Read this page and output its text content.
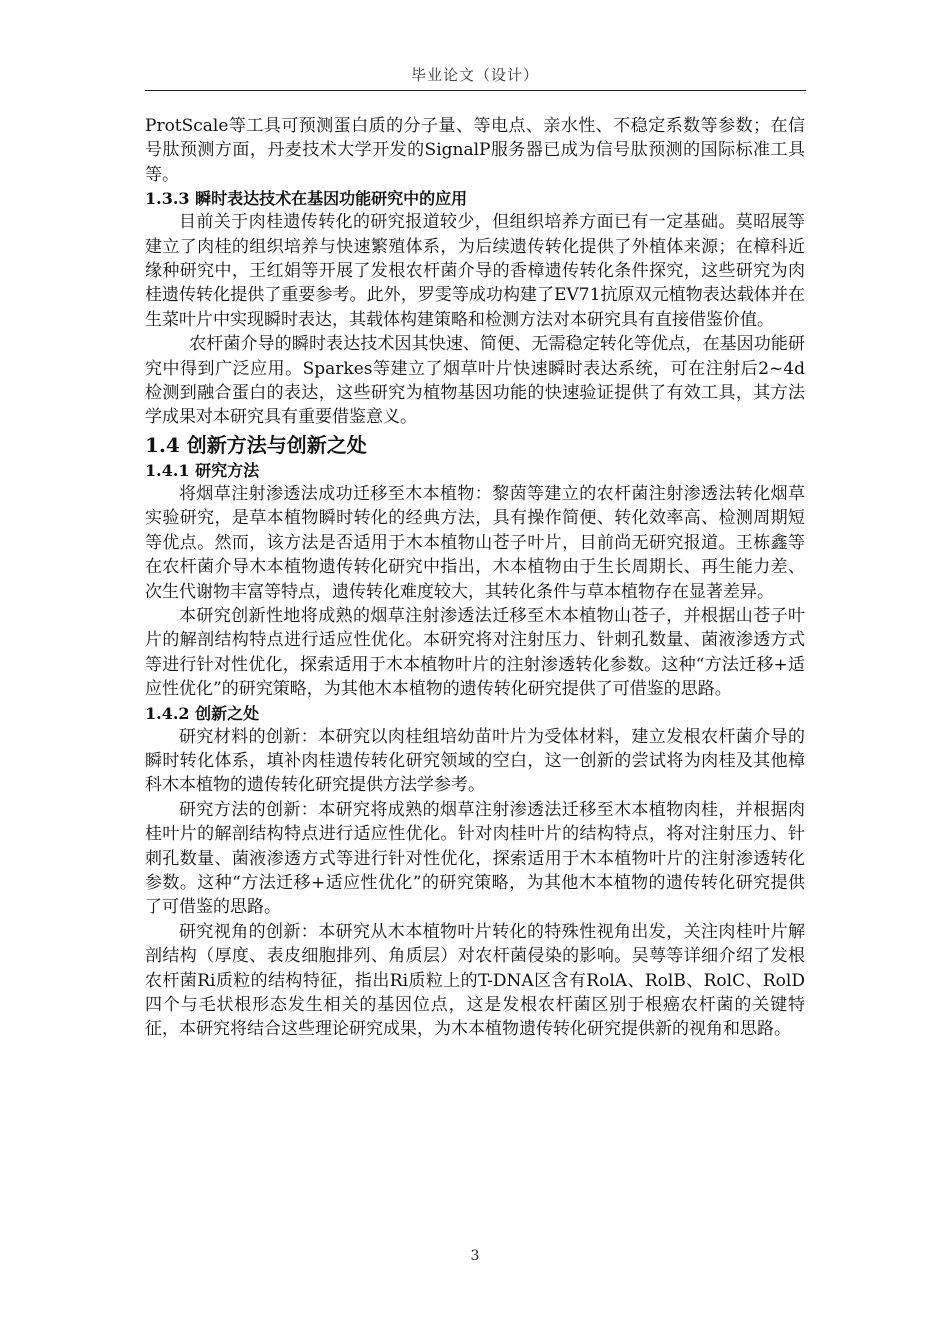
毕业论文（设计）

ProtScale等工具可预测蛋白质的分子量、等电点、亲水性、不稳定系数等参数；在信号肽预测方面，丹麦技术大学开发的SignalP服务器已成为信号肽预测的国际标准工具等。

1.3.3 瞬时表达技术在基因功能研究中的应用

目前关于肉桂遗传转化的研究报道较少，但组织培养方面已有一定基础。莫昭展等建立了肉桂的组织培养与快速繁殖体系，为后续遗传转化提供了外植体来源；在樟科近缘种研究中，王红娟等开展了发根农杆菌介导的香樟遗传转化条件探究，这些研究为肉桂遗传转化提供了重要参考。此外，罗雯等成功构建了EV71抗原双元植物表达载体并在生菜叶片中实现瞬时表达，其载体构建策略和检测方法对本研究具有直接借鉴价值。

农杆菌介导的瞬时表达技术因其快速、简便、无需稳定转化等优点，在基因功能研究中得到广泛应用。Sparkes等建立了烟草叶片快速瞬时表达系统，可在注射后2~4d检测到融合蛋白的表达，这些研究为植物基因功能的快速验证提供了有效工具，其方法学成果对本研究具有重要借鉴意义。

1.4 创新方法与创新之处
1.4.1 研究方法

将烟草注射渗透法成功迁移至木本植物：黎茵等建立的农杆菌注射渗透法转化烟草实验研究，是草本植物瞬时转化的经典方法，具有操作简便、转化效率高、检测周期短等优点。然而，该方法是否适用于木本植物山苍子叶片，目前尚无研究报道。王栋鑫等在农杆菌介导木本植物遗传转化研究中指出，木本植物由于生长周期长、再生能力差、次生代谢物丰富等特点，遗传转化难度较大，其转化条件与草本植物存在显著差异。

本研究创新性地将成熟的烟草注射渗透法迁移至木本植物山苍子，并根据山苍子叶片的解剖结构特点进行适应性优化。本研究将对注射压力、针刺孔数量、菌液渗透方式等进行针对性优化，探索适用于木本植物叶片的注射渗透转化参数。这种“方法迁移+适应性优化”的研究策略，为其他木本植物的遗传转化研究提供了可借鉴的思路。

1.4.2 创新之处

研究材料的创新：本研究以肉桂组培幼苗叶片为受体材料，建立发根农杆菌介导的瞬时转化体系，填补肉桂遗传转化研究领域的空白，这一创新的尝试将为肉桂及其他樟科木本植物的遗传转化研究提供方法学参考。

研究方法的创新：本研究将成熟的烟草注射渗透法迁移至木本植物肉桂，并根据肉桂叶片的解剖结构特点进行适应性优化。针对肉桂叶片的结构特点，将对注射压力、针刺孔数量、菌液渗透方式等进行针对性优化，探索适用于木本植物叶片的注射渗透转化参数。这种“方法迁移+适应性优化”的研究策略，为其他木本植物的遗传转化研究提供了可借鉴的思路。

研究视角的创新：本研究从木本植物叶片转化的特殊性视角出发，关注肉桂叶片解剖结构（厚度、表皮细胞排列、角质层）对农杆菌侵染的影响。吴萼等详细介绍了发根农杆菌Ri质粒的结构特征，指出Ri质粒上的T-DNA区含有RolA、RolB、RolC、RolD四个与毛状根形态发生相关的基因位点，这是发根农杆菌区别于根癌农杆菌的关键特征，本研究将结合这些理论研究成果，为木本植物遗传转化研究提供新的视角和思路。

3
